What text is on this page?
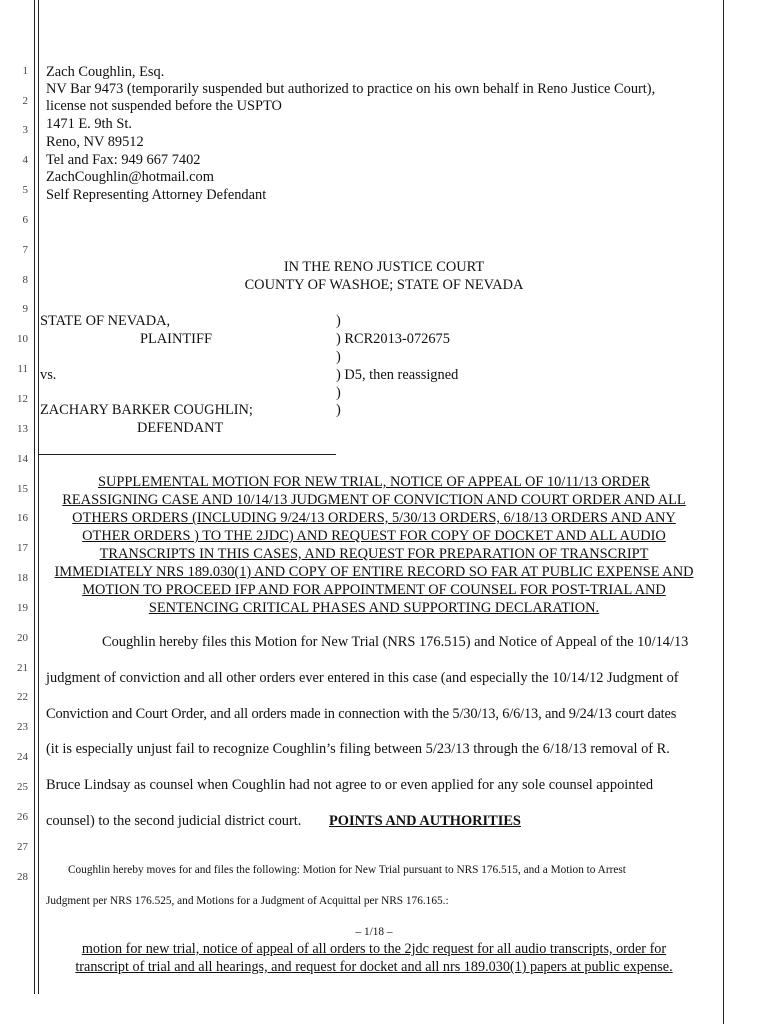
1
2
3
4
5
6
7
8
9
10
11
12
13
14
15
16
17
18
19
20
21
22
23
24
25
26
27
28
Zach Coughlin, Esq.
NV Bar 9473 (temporarily suspended but authorized to practice on his own behalf in Reno Justice Court),
license not suspended before the USPTO
1471 E. 9th St.
Reno, NV 89512
Tel and Fax: 949 667 7402
ZachCoughlin@hotmail.com
Self Representing Attorney Defendant
IN THE RENO JUSTICE COURT
COUNTY OF WASHOE; STATE OF NEVADA
STATE OF NEVADA,
PLAINTIFF
vs.
ZACHARY BARKER COUGHLIN;
DEFENDANT
)
) RCR2013-072675
)
) D5, then reassigned
)
)
SUPPLEMENTAL MOTION FOR NEW TRIAL, NOTICE OF APPEAL OF 10/11/13 ORDER
REASSIGNING CASE AND 10/14/13 JUDGMENT OF CONVICTION AND COURT ORDER AND ALL
OTHERS ORDERS (INCLUDING 9/24/13 ORDERS, 5/30/13 ORDERS, 6/18/13 ORDERS AND ANY
OTHER ORDERS ) TO THE 2JDC) AND REQUEST FOR COPY OF DOCKET AND ALL AUDIO
TRANSCRIPTS IN THIS CASES, AND REQUEST FOR PREPARATION OF TRANSCRIPT
IMMEDIATELY NRS 189.030(1) AND COPY OF ENTIRE RECORD SO FAR AT PUBLIC EXPENSE AND
MOTION TO PROCEED IFP AND FOR APPOINTMENT OF COUNSEL FOR POST-TRIAL AND
SENTENCING CRITICAL PHASES AND SUPPORTING DECLARATION.
Coughlin hereby files this Motion for New Trial (NRS 176.515) and Notice of Appeal of the 10/14/13
judgment of conviction and all other orders ever entered in this case (and especially the 10/14/12 Judgment of
Conviction and Court Order, and all orders made in connection with the 5/30/13, 6/6/13, and 9/24/13 court dates
(it is especially unjust fail to recognize Coughlin’s filing between 5/23/13 through the 6/18/13 removal of R.
Bruce Lindsay as counsel when Coughlin had not agree to or even applied for any sole counsel appointed
counsel) to the second judicial district court. POINTS AND AUTHORITIES
Coughlin hereby moves for and files the following: Motion for New Trial pursuant to NRS 176.515, and a Motion to Arrest
Judgment per NRS 176.525, and Motions for a Judgment of Acquittal per NRS 176.165.:
– 1/18 –
motion for new trial, notice of appeal of all orders to the 2jdc request for all audio transcripts, order for
transcript of trial and all hearings, and request for docket and all nrs 189.030(1) papers at public expense.
